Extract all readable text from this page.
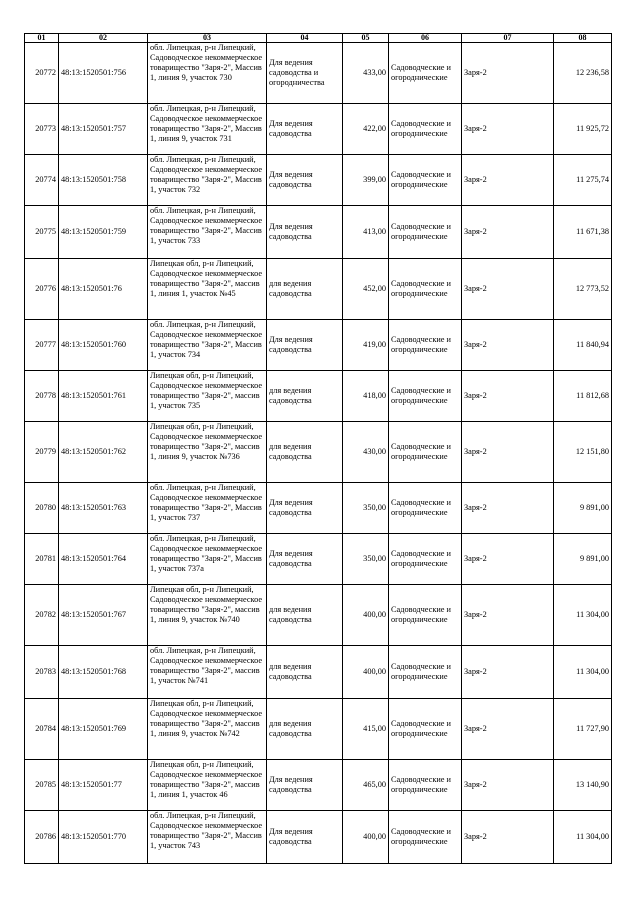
01	02	03	04	05	06	07	08
20772	48:13:1520501:756	обл. Липецкая, р-н Липецкий, Садоводческое некоммерческое товарищество "Заря-2", Массив 1, линия 9, участок 730	Для ведения садоводства и огородничества	433,00	Садоводческие и огороднические	Заря-2	12 236,58
20773	48:13:1520501:757	обл. Липецкая, р-н Липецкий, Садоводческое некоммерческое товарищество "Заря-2", Массив 1, линия 9, участок 731	Для ведения садоводства	422,00	Садоводческие и огороднические	Заря-2	11 925,72
20774	48:13:1520501:758	обл. Липецкая, р-н Липецкий, Садоводческое некоммерческое товарищество "Заря-2", Массив 1, участок 732	Для ведения садоводства	399,00	Садоводческие и огороднические	Заря-2	11 275,74
20775	48:13:1520501:759	обл. Липецкая, р-н Липецкий, Садоводческое некоммерческое товарищество "Заря-2", Массив 1, участок 733	Для ведения садоводства	413,00	Садоводческие и огороднические	Заря-2	11 671,38
20776	48:13:1520501:76	Липецкая обл, р-н Липецкий, Садоводческое некоммерческое товарищество "Заря-2", массив 1, линия 1, участок №45	для ведения садоводства	452,00	Садоводческие и огороднические	Заря-2	12 773,52
20777	48:13:1520501:760	обл. Липецкая, р-н Липецкий, Садоводческое некоммерческое товарищество "Заря-2", Массив 1, участок 734	Для ведения садоводства	419,00	Садоводческие и огороднические	Заря-2	11 840,94
20778	48:13:1520501:761	Липецкая обл, р-н Липецкий, Садоводческое некоммерческое товарищество "Заря-2", массив 1, участок 735	для ведения садоводства	418,00	Садоводческие и огороднические	Заря-2	11 812,68
20779	48:13:1520501:762	Липецкая обл, р-н Липецкий, Садоводческое некоммерческое товарищество "Заря-2", массив 1, линия 9, участок №736	для ведения садоводства	430,00	Садоводческие и огороднические	Заря-2	12 151,80
20780	48:13:1520501:763	обл. Липецкая, р-н Липецкий, Садоводческое некоммерческое товарищество "Заря-2", Массив 1, участок 737	Для ведения садоводства	350,00	Садоводческие и огороднические	Заря-2	9 891,00
20781	48:13:1520501:764	обл. Липецкая, р-н Липецкий, Садоводческое некоммерческое товарищество "Заря-2", Массив 1, участок 737а	Для ведения садоводства	350,00	Садоводческие и огороднические	Заря-2	9 891,00
20782	48:13:1520501:767	Липецкая обл, р-н Липецкий, Садоводческое некоммерческое товарищество "Заря-2", массив 1, линия 9, участок №740	для ведения садоводства	400,00	Садоводческие и огороднические	Заря-2	11 304,00
20783	48:13:1520501:768	обл. Липецкая, р-н Липецкий, Садоводческое некоммерческое товарищество "Заря-2", массив 1, участок №741	для ведения садоводства	400,00	Садоводческие и огороднические	Заря-2	11 304,00
20784	48:13:1520501:769	Липецкая обл, р-н Липецкий, Садоводческое некоммерческое товарищество "Заря-2", массив 1, линия 9, участок №742	для ведения садоводства	415,00	Садоводческие и огороднические	Заря-2	11 727,90
20785	48:13:1520501:77	Липецкая обл, р-н Липецкий, Садоводческое некоммерческое товарищество "Заря-2", массив 1, линия 1, участок 46	Для ведения садоводства	465,00	Садоводческие и огороднические	Заря-2	13 140,90
20786	48:13:1520501:770	обл. Липецкая, р-н Липецкий, Садоводческое некоммерческое товарищество "Заря-2", Массив 1, участок 743	Для ведения садоводства	400,00	Садоводческие и огороднические	Заря-2	11 304,00
